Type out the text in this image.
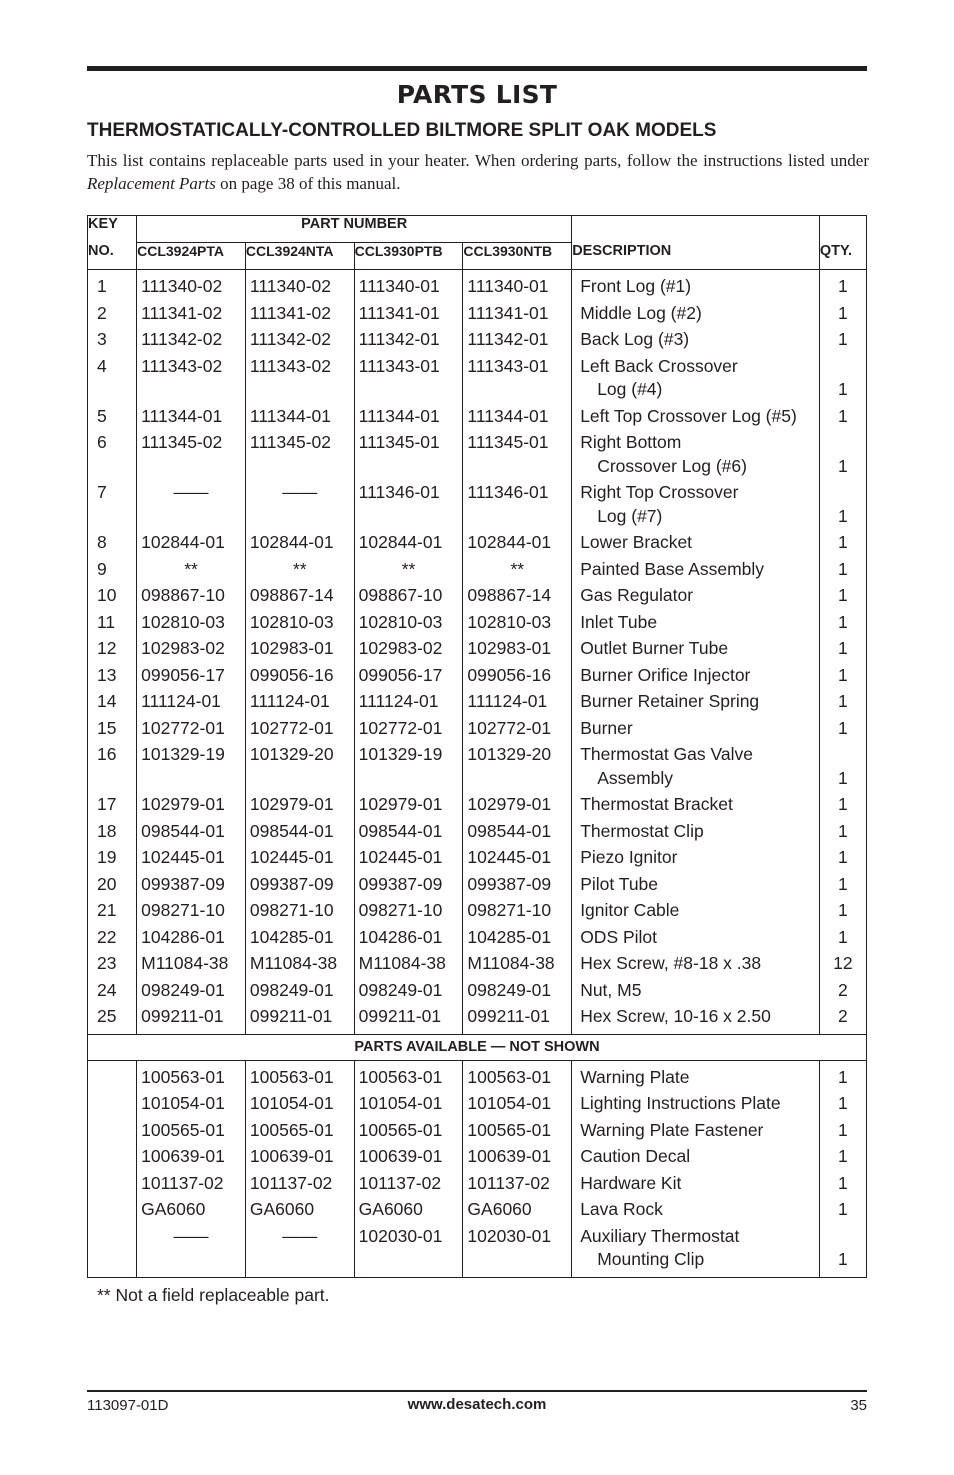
PARTS LIST
THERMOSTATICALLY-CONTROLLED BILTMORE SPLIT OAK MODELS
This list contains replaceable parts used in your heater. When ordering parts, follow the instructions listed under Replacement Parts on page 38 of this manual.
KEY	PART NUMBER					
NO.	CCL3924PTA	CCL3924NTA	CCL3930PTB	CCL3930NTB	DESCRIPTION	QTY.
1	111340-02	111340-02	111340-01	111340-01	Front Log (#1)	1
2	111341-02	111341-02	111341-01	111341-01	Middle Log (#2)	1
3	111342-02	111342-02	111342-01	111342-01	Back Log (#3)	1
4	111343-02	111343-02	111343-01	111343-01	Left Back Crossover
Log (#4)	1
5	111344-01	111344-01	111344-01	111344-01	Left Top Crossover Log (#5)	1
6	111345-02	111345-02	111345-01	111345-01	Right Bottom
Crossover Log (#6)	1
7	——	——	111346-01	111346-01	Right Top Crossover
Log (#7)	1
8	102844-01	102844-01	102844-01	102844-01	Lower Bracket	1
9	**	**	**	**	Painted Base Assembly	1
10	098867-10	098867-14	098867-10	098867-14	Gas Regulator	1
11	102810-03	102810-03	102810-03	102810-03	Inlet Tube	1
12	102983-02	102983-01	102983-02	102983-01	Outlet Burner Tube	1
13	099056-17	099056-16	099056-17	099056-16	Burner Orifice Injector	1
14	111124-01	111124-01	111124-01	111124-01	Burner Retainer Spring	1
15	102772-01	102772-01	102772-01	102772-01	Burner	1
16	101329-19	101329-20	101329-19	101329-20	Thermostat Gas Valve
Assembly	1
17	102979-01	102979-01	102979-01	102979-01	Thermostat Bracket	1
18	098544-01	098544-01	098544-01	098544-01	Thermostat Clip	1
19	102445-01	102445-01	102445-01	102445-01	Piezo Ignitor	1
20	099387-09	099387-09	099387-09	099387-09	Pilot Tube	1
21	098271-10	098271-10	098271-10	098271-10	Ignitor Cable	1
22	104286-01	104285-01	104286-01	104285-01	ODS Pilot	1
23	M11084-38	M11084-38	M11084-38	M11084-38	Hex Screw, #8-18 x .38	12
24	098249-01	098249-01	098249-01	098249-01	Nut, M5	2
25	099211-01	099211-01	099211-01	099211-01	Hex Screw, 10-16 x 2.50	2
PARTS AVAILABLE — NOT SHOWN						
	100563-01	100563-01	100563-01	100563-01	Warning Plate	1
	101054-01	101054-01	101054-01	101054-01	Lighting Instructions Plate	1
	100565-01	100565-01	100565-01	100565-01	Warning Plate Fastener	1
	100639-01	100639-01	100639-01	100639-01	Caution Decal	1
	101137-02	101137-02	101137-02	101137-02	Hardware Kit	1
	GA6060	GA6060	GA6060	GA6060	Lava Rock	1
	——	——	102030-01	102030-01	Auxiliary Thermostat
Mounting Clip	1
** Not a field replaceable part.
113097-01D	www.desatech.com	35
